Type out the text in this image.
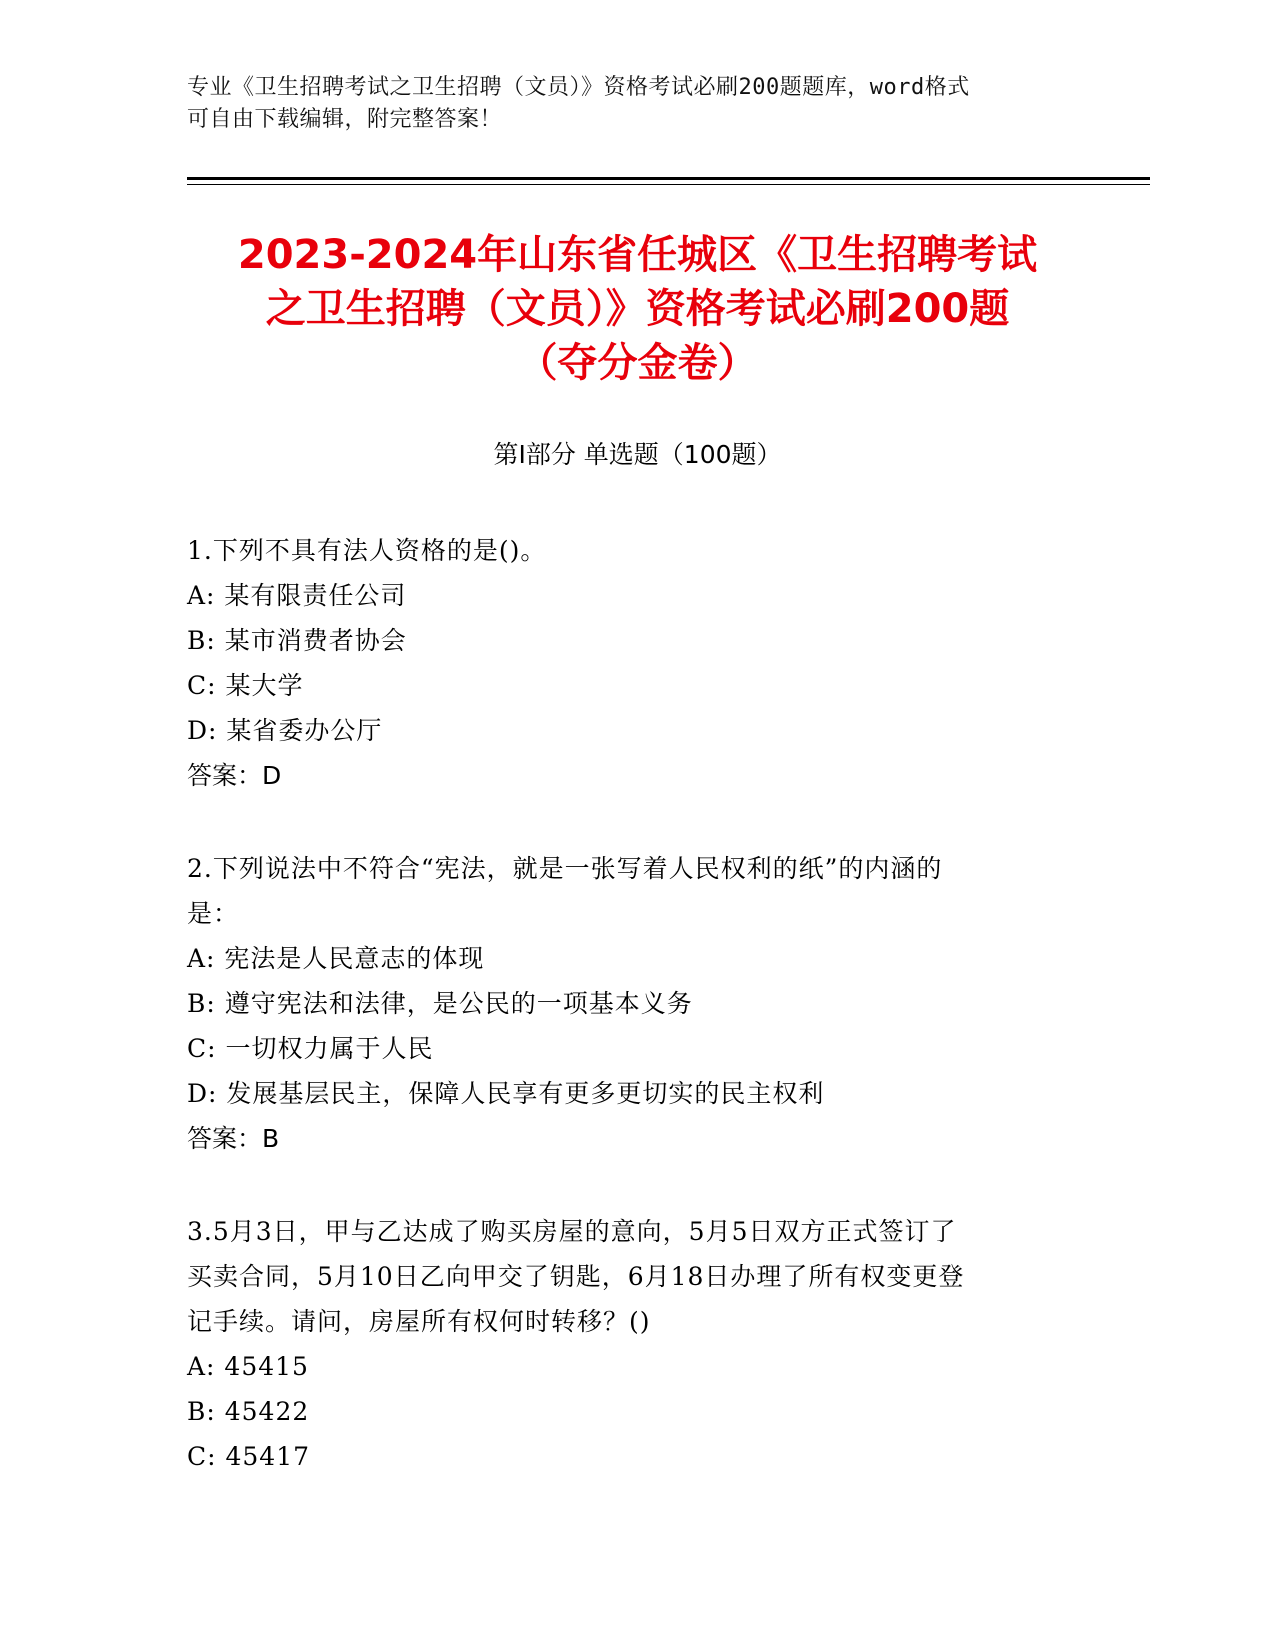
专业《卫生招聘考试之卫生招聘（文员）》资格考试必刷200题题库，word格式
可自由下载编辑，附完整答案！
2023-2024年山东省任城区《卫生招聘考试
之卫生招聘（文员）》资格考试必刷200题
（夺分金卷）
第Ⅰ部分 单选题（100题）
1.下列不具有法人资格的是()。
A: 某有限责任公司
B: 某市消费者协会
C: 某大学
D: 某省委办公厅
答案：D
2.下列说法中不符合“宪法，就是一张写着人民权利的纸”的内涵的
是：
A: 宪法是人民意志的体现
B: 遵守宪法和法律，是公民的一项基本义务
C: 一切权力属于人民
D: 发展基层民主，保障人民享有更多更切实的民主权利
答案：B
3.5月3日，甲与乙达成了购买房屋的意向，5月5日双方正式签订了
买卖合同，5月10日乙向甲交了钥匙，6月18日办理了所有权变更登
记手续。请问，房屋所有权何时转移？()
A: 45415
B: 45422
C: 45417
